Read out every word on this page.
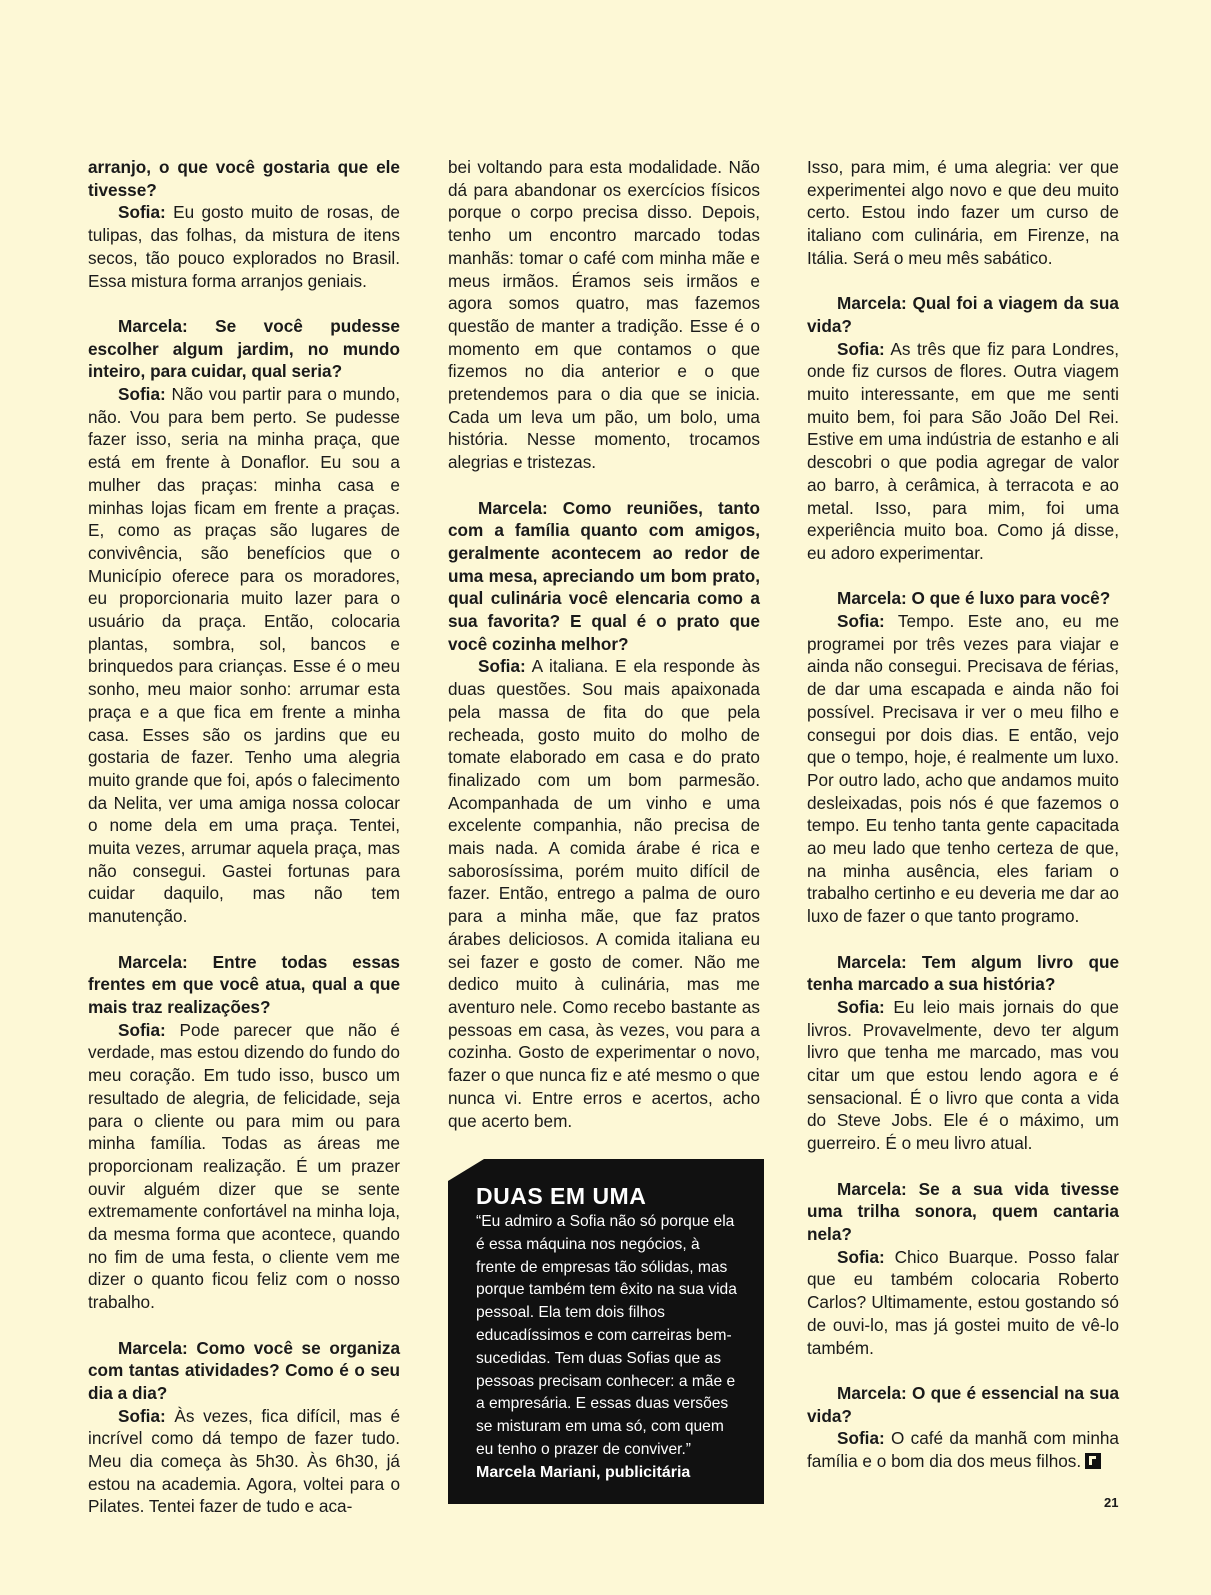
arranjo, o que você gostaria que ele tivesse?

Sofia: Eu gosto muito de rosas, de tulipas, das folhas, da mistura de itens secos, tão pouco explorados no Brasil. Essa mistura forma arranjos geniais.

Marcela: Se você pudesse escolher algum jardim, no mundo inteiro, para cuidar, qual seria?

Sofia: Não vou partir para o mundo, não. Vou para bem perto. Se pudesse fazer isso, seria na minha praça, que está em frente à Donaflor. Eu sou a mulher das praças: minha casa e minhas lojas ficam em frente a praças. E, como as praças são lugares de convivência, são benefícios que o Município oferece para os moradores, eu proporcionaria muito lazer para o usuário da praça. Então, colocaria plantas, sombra, sol, bancos e brinquedos para crianças. Esse é o meu sonho, meu maior sonho: arrumar esta praça e a que fica em frente a minha casa. Esses são os jardins que eu gostaria de fazer. Tenho uma alegria muito grande que foi, após o falecimento da Nelita, ver uma amiga nossa colocar o nome dela em uma praça. Tentei, muita vezes, arrumar aquela praça, mas não consegui. Gastei fortunas para cuidar daquilo, mas não tem manutenção.

Marcela: Entre todas essas frentes em que você atua, qual a que mais traz realizações?

Sofia: Pode parecer que não é verdade, mas estou dizendo do fundo do meu coração. Em tudo isso, busco um resultado de alegria, de felicidade, seja para o cliente ou para mim ou para minha família. Todas as áreas me proporcionam realização. É um prazer ouvir alguém dizer que se sente extremamente confortável na minha loja, da mesma forma que acontece, quando no fim de uma festa, o cliente vem me dizer o quanto ficou feliz com o nosso trabalho.

Marcela: Como você se organiza com tantas atividades? Como é o seu dia a dia?

Sofia: Às vezes, fica difícil, mas é incrível como dá tempo de fazer tudo. Meu dia começa às 5h30. Às 6h30, já estou na academia. Agora, voltei para o Pilates. Tentei fazer de tudo e aca-

bei voltando para esta modalidade. Não dá para abandonar os exercícios físicos porque o corpo precisa disso. Depois, tenho um encontro marcado todas manhãs: tomar o café com minha mãe e meus irmãos. Éramos seis irmãos e agora somos quatro, mas fazemos questão de manter a tradição. Esse é o momento em que contamos o que fizemos no dia anterior e o que pretendemos para o dia que se inicia. Cada um leva um pão, um bolo, uma história. Nesse momento, trocamos alegrias e tristezas.

Marcela: Como reuniões, tanto com a família quanto com amigos, geralmente acontecem ao redor de uma mesa, apreciando um bom prato, qual culinária você elencaria como a sua favorita? E qual é o prato que você cozinha melhor?

Sofia: A italiana. E ela responde às duas questões. Sou mais apaixonada pela massa de fita do que pela recheada, gosto muito do molho de tomate elaborado em casa e do prato finalizado com um bom parmesão. Acompanhada de um vinho e uma excelente companhia, não precisa de mais nada. A comida árabe é rica e saborosíssima, porém muito difícil de fazer. Então, entrego a palma de ouro para a minha mãe, que faz pratos árabes deliciosos. A comida italiana eu sei fazer e gosto de comer. Não me dedico muito à culinária, mas me aventuro nele. Como recebo bastante as pessoas em casa, às vezes, vou para a cozinha. Gosto de experimentar o novo, fazer o que nunca fiz e até mesmo o que nunca vi. Entre erros e acertos, acho que acerto bem.

DUAS EM UMA
“Eu admiro a Sofia não só porque ela é essa máquina nos negócios, à frente de empresas tão sólidas, mas porque também tem êxito na sua vida pessoal. Ela tem dois filhos educadíssimos e com carreiras bem-sucedidas. Tem duas Sofias que as pessoas precisam conhecer: a mãe e a empresária. E essas duas versões se misturam em uma só, com quem eu tenho o prazer de conviver.”
Marcela Mariani, publicitária

Isso, para mim, é uma alegria: ver que experimentei algo novo e que deu muito certo. Estou indo fazer um curso de italiano com culinária, em Firenze, na Itália. Será o meu mês sabático.

Marcela: Qual foi a viagem da sua vida?

Sofia: As três que fiz para Londres, onde fiz cursos de flores. Outra viagem muito interessante, em que me senti muito bem, foi para São João Del Rei. Estive em uma indústria de estanho e ali descobri o que podia agregar de valor ao barro, à cerâmica, à terracota e ao metal. Isso, para mim, foi uma experiência muito boa. Como já disse, eu adoro experimentar.

Marcela: O que é luxo para você?

Sofia: Tempo. Este ano, eu me programei por três vezes para viajar e ainda não consegui. Precisava de férias, de dar uma escapada e ainda não foi possível. Precisava ir ver o meu filho e consegui por dois dias. E então, vejo que o tempo, hoje, é realmente um luxo. Por outro lado, acho que andamos muito desleixadas, pois nós é que fazemos o tempo. Eu tenho tanta gente capacitada ao meu lado que tenho certeza de que, na minha ausência, eles fariam o trabalho certinho e eu deveria me dar ao luxo de fazer o que tanto programo.

Marcela: Tem algum livro que tenha marcado a sua história?

Sofia: Eu leio mais jornais do que livros. Provavelmente, devo ter algum livro que tenha me marcado, mas vou citar um que estou lendo agora e é sensacional. É o livro que conta a vida do Steve Jobs. Ele é o máximo, um guerreiro. É o meu livro atual.

Marcela: Se a sua vida tivesse uma trilha sonora, quem cantaria nela?

Sofia: Chico Buarque. Posso falar que eu também colocaria Roberto Carlos? Ultimamente, estou gostando só de ouvi-lo, mas já gostei muito de vê-lo também.

Marcela: O que é essencial na sua vida?

Sofia: O café da manhã com minha família e o bom dia dos meus filhos.

21
